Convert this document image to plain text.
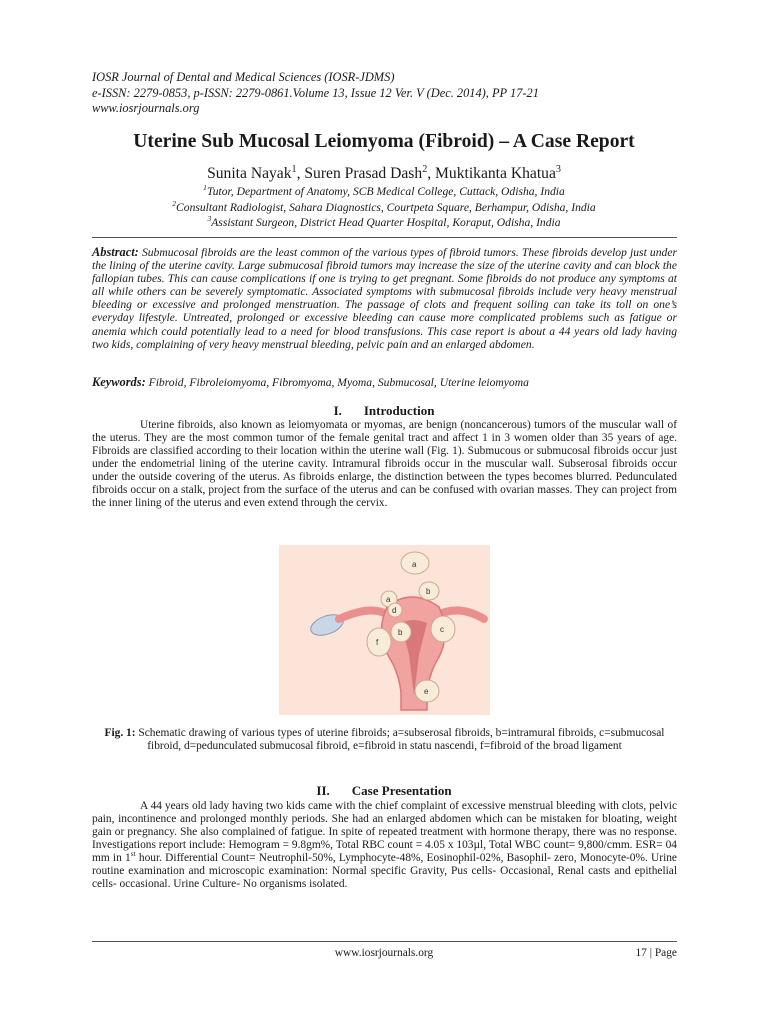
IOSR Journal of Dental and Medical Sciences (IOSR-JDMS)
e-ISSN: 2279-0853, p-ISSN: 2279-0861.Volume 13, Issue 12 Ver. V (Dec. 2014), PP 17-21
www.iosrjournals.org
Uterine Sub Mucosal Leiomyoma (Fibroid) – A Case Report
Sunita Nayak$^1$, Suren Prasad Dash$^2$, Muktikanta Khatua$^3$
$^1$Tutor, Department of Anatomy, SCB Medical College, Cuttack, Odisha, India
$^2$Consultant Radiologist, Sahara Diagnostics, Courtpeta Square, Berhampur, Odisha, India
$^3$Assistant Surgeon, District Head Quarter Hospital, Koraput, Odisha, India
Abstract: Submucosal fibroids are the least common of the various types of fibroid tumors. These fibroids develop just under the lining of the uterine cavity. Large submucosal fibroid tumors may increase the size of the uterine cavity and can block the fallopian tubes. This can cause complications if one is trying to get pregnant. Some fibroids do not produce any symptoms at all while others can be severely symptomatic. Associated symptoms with submucosal fibroids include very heavy menstrual bleeding or excessive and prolonged menstruation. The passage of clots and frequent soiling can take its toll on one’s everyday lifestyle. Untreated, prolonged or excessive bleeding can cause more complicated problems such as fatigue or anemia which could potentially lead to a need for blood transfusions. This case report is about a 44 years old lady having two kids, complaining of very heavy menstrual bleeding, pelvic pain and an enlarged abdomen.
Keywords: Fibroid, Fibroleiomyoma, Fibromyoma, Myoma, Submucosal, Uterine leiomyoma
I. Introduction
Uterine fibroids, also known as leiomyomata or myomas, are benign (noncancerous) tumors of the muscular wall of the uterus. They are the most common tumor of the female genital tract and affect 1 in 3 women older than 35 years of age. Fibroids are classified according to their location within the uterine wall (Fig. 1). Submucous or submucosal fibroids occur just under the endometrial lining of the uterine cavity. Intramural fibroids occur in the muscular wall. Subserosal fibroids occur under the outside covering of the uterus. As fibroids enlarge, the distinction between the types becomes blurred. Pedunculated fibroids occur on a stalk, project from the surface of the uterus and can be confused with ovarian masses. They can project from the inner lining of the uterus and even extend through the cervix.
a
a
b
d
b	c
f
e
Fig. 1: Schematic drawing of various types of uterine fibroids; a=subserosal fibroids, b=intramural fibroids, c=submucosal fibroid, d=pedunculated submucosal fibroid, e=fibroid in statu nascendi, f=fibroid of the broad ligament
II. Case Presentation
A 44 years old lady having two kids came with the chief complaint of excessive menstrual bleeding with clots, pelvic pain, incontinence and prolonged monthly periods. She had an enlarged abdomen which can be mistaken for bloating, weight gain or pregnancy. She also complained of fatigue. In spite of repeated treatment with hormone therapy, there was no response. Investigations report include: Hemogram = 9.8gm%, Total RBC count = 4.05 x 103µl, Total WBC count= 9,800/cmm. ESR= 04 mm in 1st hour. Differential Count= Neutrophil-50%, Lymphocyte-48%, Eosinophil-02%, Basophil- zero, Monocyte-0%. Urine routine examination and microscopic examination: Normal specific Gravity, Pus cells- Occasional, Renal casts and epithelial cells- occasional. Urine Culture- No organisms isolated.
www.iosrjournals.org	17 | Page
